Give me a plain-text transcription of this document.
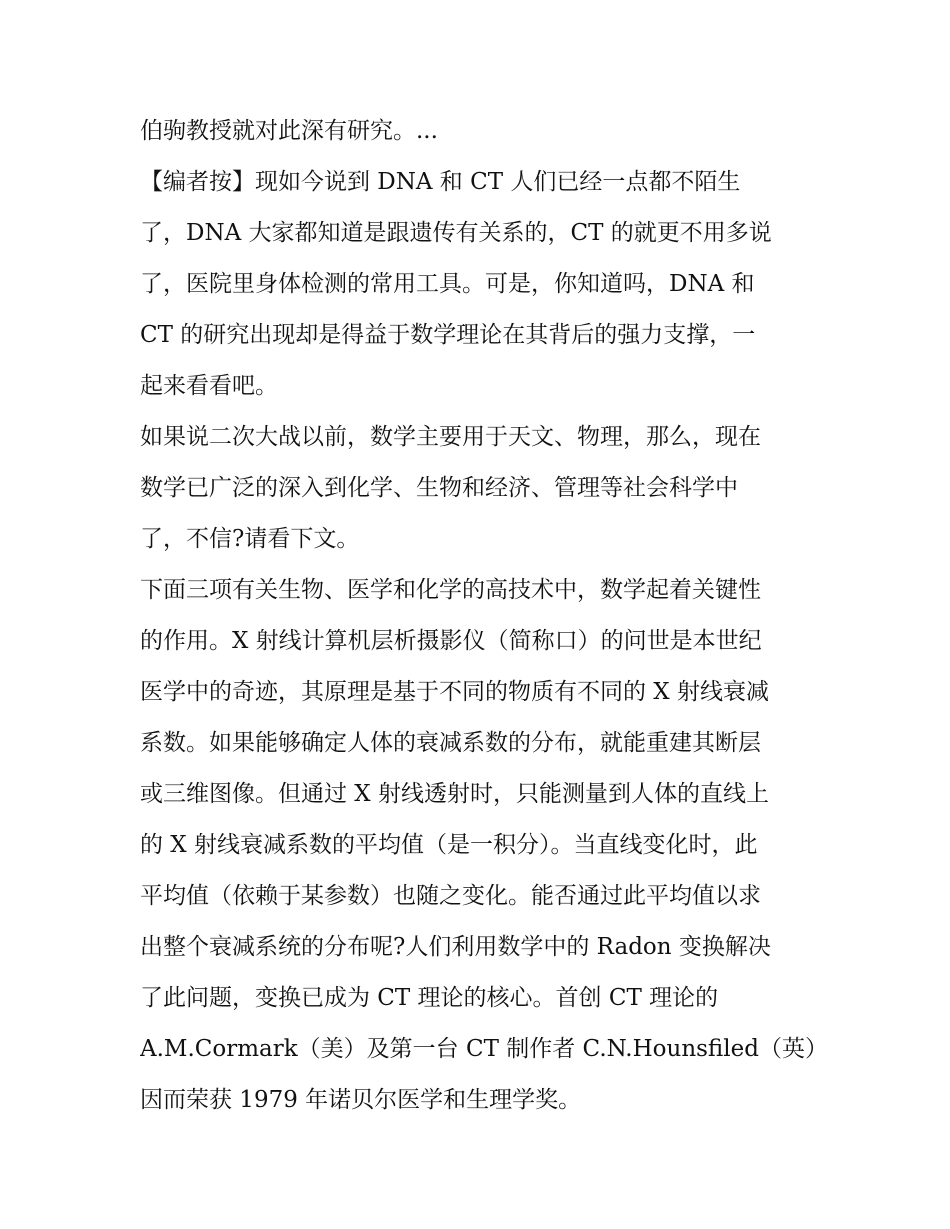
伯驹教授就对此深有研究。...
【编者按】现如今说到 DNA 和 CT 人们已经一点都不陌生
了，DNA 大家都知道是跟遗传有关系的，CT 的就更不用多说
了，医院里身体检测的常用工具。可是，你知道吗，DNA 和
CT 的研究出现却是得益于数学理论在其背后的强力支撑，一
起来看看吧。
如果说二次大战以前，数学主要用于天文、物理，那么，现在
数学已广泛的深入到化学、生物和经济、管理等社会科学中
了，不信?请看下文。
下面三项有关生物、医学和化学的高技术中，数学起着关键性
的作用。X 射线计算机层析摄影仪（简称口）的问世是本世纪
医学中的奇迹，其原理是基于不同的物质有不同的 X 射线衰减
系数。如果能够确定人体的衰减系数的分布，就能重建其断层
或三维图像。但通过 X 射线透射时，只能测量到人体的直线上
的 X 射线衰减系数的平均值（是一积分）。当直线变化时，此
平均值（依赖于某参数）也随之变化。能否通过此平均值以求
出整个衰减系统的分布呢?人们利用数学中的 Radon 变换解决
了此问题，变换已成为 CT 理论的核心。首创 CT 理论的
A.M.Cormark（美）及第一台 CT 制作者 C.N.Hounsfiled（英）
因而荣获 1979 年诺贝尔医学和生理学奖。
